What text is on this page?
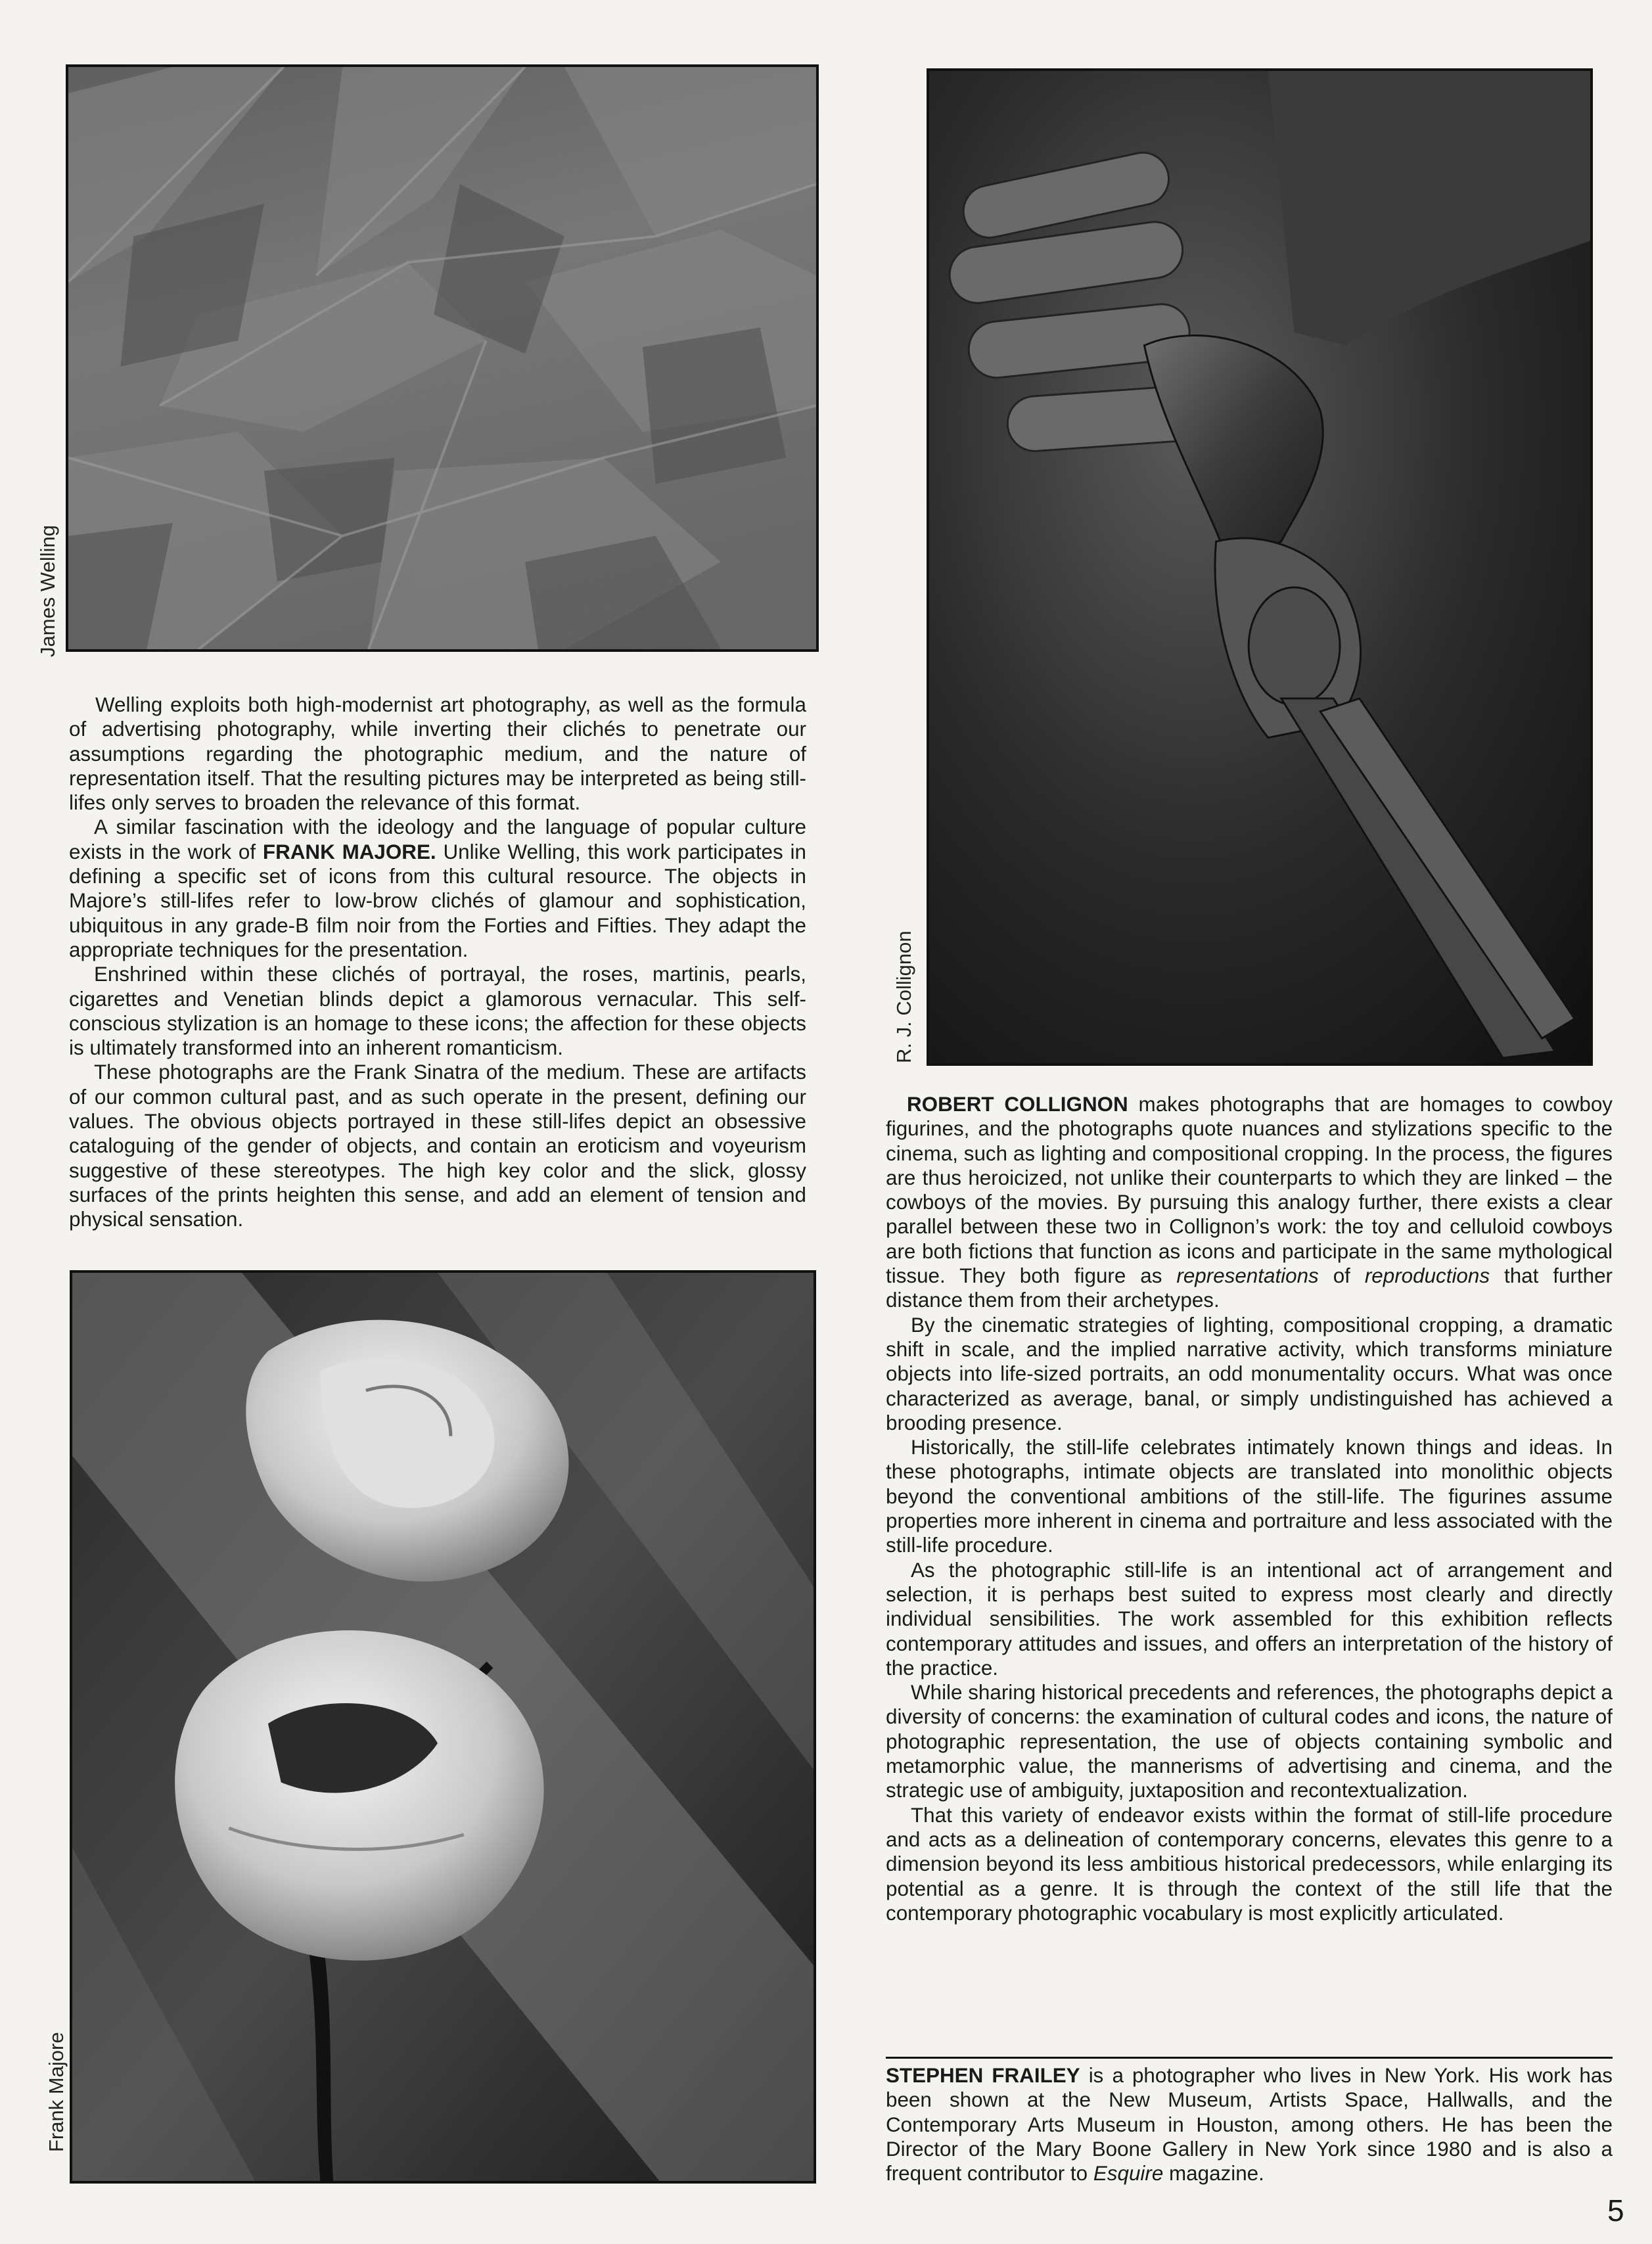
James Welling
R. J. Collignon
Frank Majore

Welling exploits both high-modernist art photography, as well as the formula of advertising photography, while inverting their clichés to penetrate our assumptions regarding the photographic medium, and the nature of representation itself. That the resulting pictures may be interpreted as being still-lifes only serves to broaden the relevance of this format.

A similar fascination with the ideology and the language of popular culture exists in the work of FRANK MAJORE. Unlike Welling, this work participates in defining a specific set of icons from this cultural resource. The objects in Majore’s still-lifes refer to low-brow clichés of glamour and sophistication, ubiquitous in any grade-B film noir from the Forties and Fifties. They adapt the appropriate techniques for the presentation.

Enshrined within these clichés of portrayal, the roses, martinis, pearls, cigarettes and Venetian blinds depict a glamorous vernacular. This self-conscious stylization is an homage to these icons; the affection for these objects is ultimately transformed into an inherent romanticism.

These photographs are the Frank Sinatra of the medium. These are artifacts of our common cultural past, and as such operate in the present, defining our values. The obvious objects portrayed in these still-lifes depict an obsessive cataloguing of the gender of objects, and contain an eroticism and voyeurism suggestive of these stereotypes. The high key color and the slick, glossy surfaces of the prints heighten this sense, and add an element of tension and physical sensation.

ROBERT COLLIGNON makes photographs that are homages to cowboy figurines, and the photographs quote nuances and stylizations specific to the cinema, such as lighting and compositional cropping. In the process, the figures are thus heroicized, not unlike their counterparts to which they are linked – the cowboys of the movies. By pursuing this analogy further, there exists a clear parallel between these two in Collignon’s work: the toy and celluloid cowboys are both fictions that function as icons and participate in the same mythological tissue. They both figure as representations of reproductions that further distance them from their archetypes.

By the cinematic strategies of lighting, compositional cropping, a dramatic shift in scale, and the implied narrative activity, which transforms miniature objects into life-sized portraits, an odd monumentality occurs. What was once characterized as average, banal, or simply undistinguished has achieved a brooding presence.

Historically, the still-life celebrates intimately known things and ideas. In these photographs, intimate objects are translated into monolithic objects beyond the conventional ambitions of the still-life. The figurines assume properties more inherent in cinema and portraiture and less associated with the still-life procedure.

As the photographic still-life is an intentional act of arrangement and selection, it is perhaps best suited to express most clearly and directly individual sensibilities. The work assembled for this exhibition reflects contemporary attitudes and issues, and offers an interpretation of the history of the practice.

While sharing historical precedents and references, the photographs depict a diversity of concerns: the examination of cultural codes and icons, the nature of photographic representation, the use of objects containing symbolic and metamorphic value, the mannerisms of advertising and cinema, and the strategic use of ambiguity, juxtaposition and recontextualization.

That this variety of endeavor exists within the format of still-life procedure and acts as a delineation of contemporary concerns, elevates this genre to a dimension beyond its less ambitious historical predecessors, while enlarging its potential as a genre. It is through the context of the still life that the contemporary photographic vocabulary is most explicitly articulated.

STEPHEN FRAILEY is a photographer who lives in New York. His work has been shown at the New Museum, Artists Space, Hallwalls, and the Contemporary Arts Museum in Houston, among others. He has been the Director of the Mary Boone Gallery in New York since 1980 and is also a frequent contributor to Esquire magazine.

5
